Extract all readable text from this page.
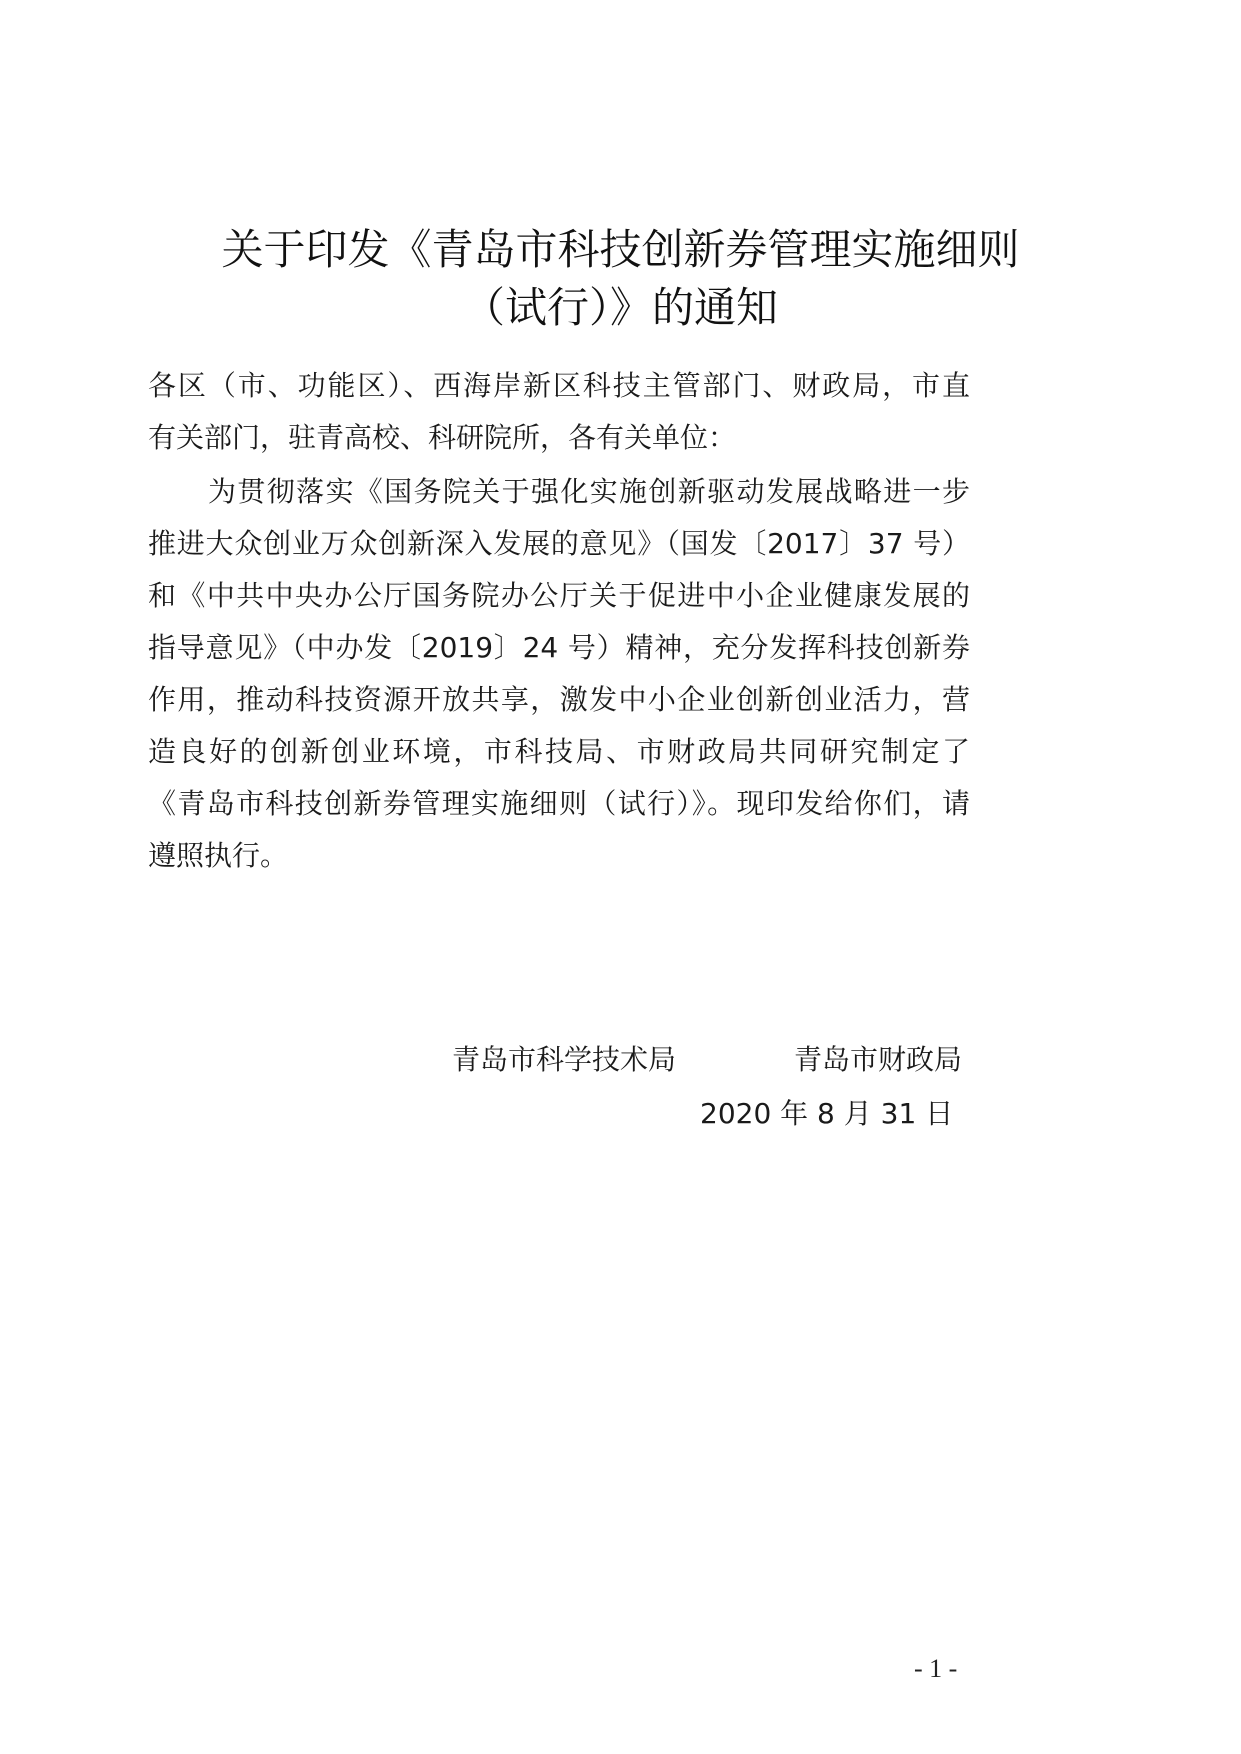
关于印发《青岛市科技创新券管理实施细则
（试行）》的通知

各区（市、功能区）、西海岸新区科技主管部门、财政局，市直

有关部门，驻青高校、科研院所，各有关单位：

为贯彻落实《国务院关于强化实施创新驱动发展战略进一步

推进大众创业万众创新深入发展的意见》（国发〔2017〕37 号）

和《中共中央办公厅国务院办公厅关于促进中小企业健康发展的

指导意见》（中办发〔2019〕24 号）精神，充分发挥科技创新券

作用，推动科技资源开放共享，激发中小企业创新创业活力，营

造良好的创新创业环境，市科技局、市财政局共同研究制定了

《青岛市科技创新券管理实施细则（试行）》。现印发给你们，请

遵照执行。

青岛市科学技术局	青岛市财政局
2020 年 8 月 31 日
- 1 -
